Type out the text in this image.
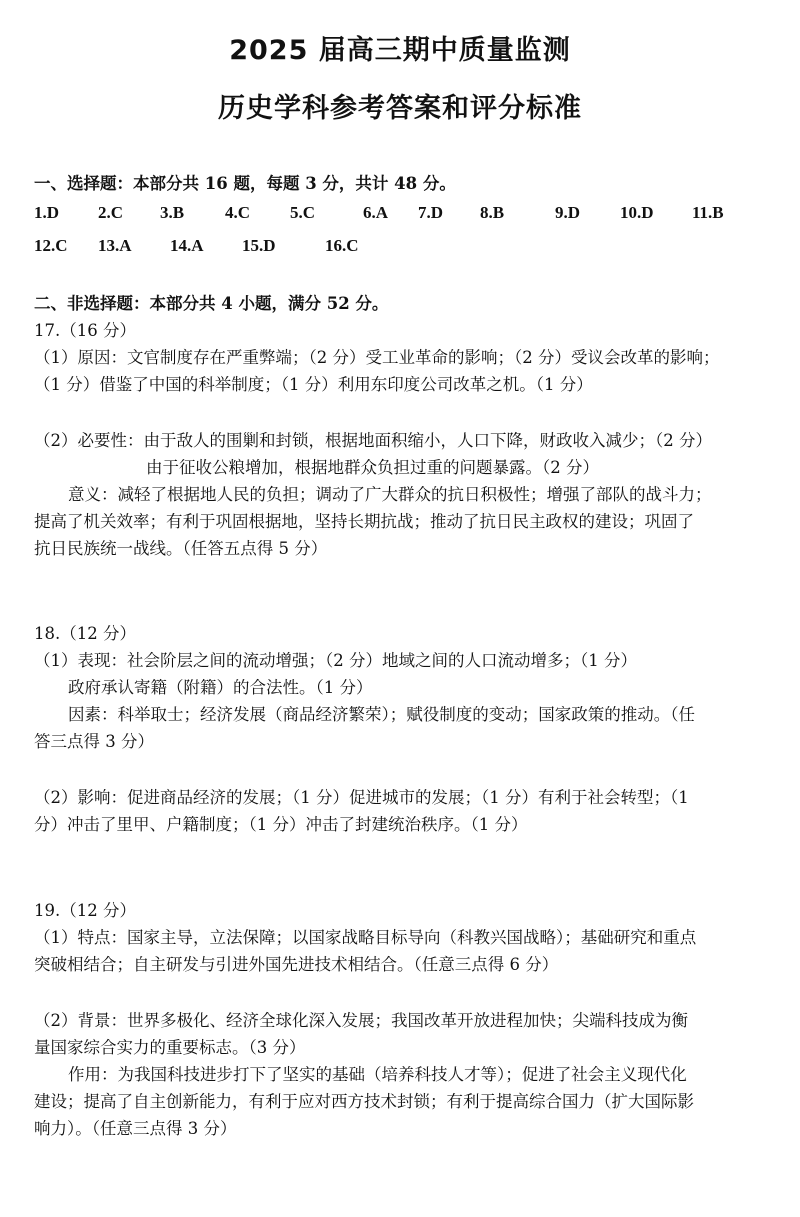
2025 届高三期中质量监测
历史学科参考答案和评分标准
一、选择题：本部分共 16 题，每题 3 分，共计 48 分。
1.D 2.C 3.B 4.C 5.C	6.A 7.D 8.B	9.D 10.D 11.B
12.C 13.A 14.A 15.D	16.C
二、非选择题：本部分共 4 小题，满分 52 分。
17.（16 分）
（1）原因：文官制度存在严重弊端；（2 分）受工业革命的影响；（2 分）受议会改革的影响；
（1 分）借鉴了中国的科举制度；（1 分）利用东印度公司改革之机。（1 分）
（2）必要性：由于敌人的围剿和封锁，根据地面积缩小，人口下降，财政收入减少；（2 分）
由于征收公粮增加，根据地群众负担过重的问题暴露。（2 分）
意义：减轻了根据地人民的负担；调动了广大群众的抗日积极性；增强了部队的战斗力；
提高了机关效率；有利于巩固根据地，坚持长期抗战；推动了抗日民主政权的建设；巩固了
抗日民族统一战线。（任答五点得 5 分）
18.（12 分）
（1）表现：社会阶层之间的流动增强；（2 分）地域之间的人口流动增多；（1 分）
政府承认寄籍（附籍）的合法性。（1 分）
因素：科举取士；经济发展（商品经济繁荣）；赋役制度的变动；国家政策的推动。（任
答三点得 3 分）
（2）影响：促进商品经济的发展；（1 分）促进城市的发展；（1 分）有利于社会转型；（1
分）冲击了里甲、户籍制度；（1 分）冲击了封建统治秩序。（1 分）
19.（12 分）
（1）特点：国家主导，立法保障；以国家战略目标导向（科教兴国战略）；基础研究和重点
突破相结合；自主研发与引进外国先进技术相结合。（任意三点得 6 分）
（2）背景：世界多极化、经济全球化深入发展；我国改革开放进程加快；尖端科技成为衡
量国家综合实力的重要标志。（3 分）
作用：为我国科技进步打下了坚实的基础（培养科技人才等）；促进了社会主义现代化
建设；提高了自主创新能力，有利于应对西方技术封锁；有利于提高综合国力（扩大国际影
响力）。（任意三点得 3 分）
